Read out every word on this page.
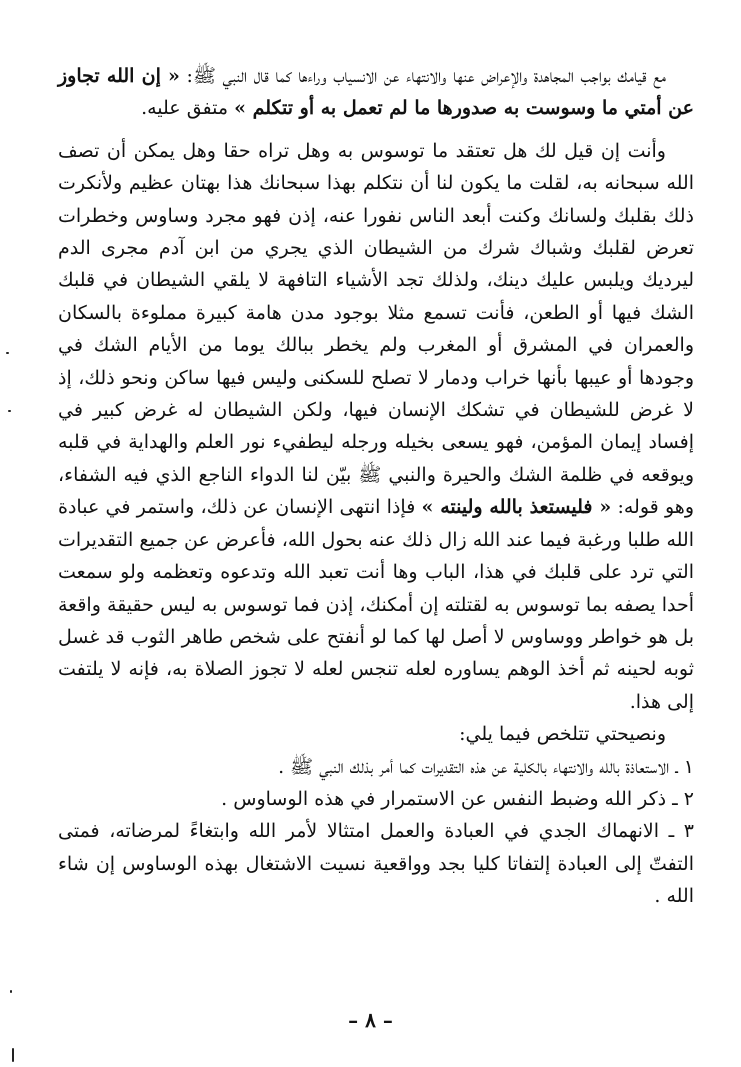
مع قيامك بواجب المجاهدة والإعراض عنها والانتهاء عن الانسياب وراءها كما قال النبي ﷺ: « إن الله تجاوز عن أمتي ما وسوست به صدورها ما لم تعمل به أو تتكلم » متفق عليه.

وأنت إن قيل لك هل تعتقد ما توسوس به وهل تراه حقا وهل يمكن أن تصف الله سبحانه به، لقلت ما يكون لنا أن نتكلم بهذا سبحانك هذا بهتان عظيم ولأنكرت ذلك بقلبك ولسانك وكنت أبعد الناس نفورا عنه، إذن فهو مجرد وساوس وخطرات تعرض لقلبك وشباك شرك من الشيطان الذي يجري من ابن آدم مجرى الدم ليرديك ويلبس عليك دينك، ولذلك تجد الأشياء التافهة لا يلقي الشيطان في قلبك الشك فيها أو الطعن، فأنت تسمع مثلا بوجود مدن هامة كبيرة مملوءة بالسكان والعمران في المشرق أو المغرب ولم يخطر ببالك يوما من الأيام الشك في وجودها أو عيبها بأنها خراب ودمار لا تصلح للسكنى وليس فيها ساكن ونحو ذلك، إذ لا غرض للشيطان في تشكك الإنسان فيها، ولكن الشيطان له غرض كبير في إفساد إيمان المؤمن، فهو يسعى بخيله ورجله ليطفيء نور العلم والهداية في قلبه ويوقعه في ظلمة الشك والحيرة والنبي ﷺ بيّن لنا الدواء الناجع الذي فيه الشفاء، وهو قوله: « فليستعذ بالله ولينته » فإذا انتهى الإنسان عن ذلك، واستمر في عبادة الله طلبا ورغبة فيما عند الله زال ذلك عنه بحول الله، فأعرض عن جميع التقديرات التي ترد على قلبك في هذا، الباب وها أنت تعبد الله وتدعوه وتعظمه ولو سمعت أحدا يصفه بما توسوس به لقتلته إن أمكنك، إذن فما توسوس به ليس حقيقة واقعة بل هو خواطر ووساوس لا أصل لها كما لو أنفتح على شخص طاهر الثوب قد غسل ثوبه لحينه ثم أخذ الوهم يساوره لعله تنجس لعله لا تجوز الصلاة به، فإنه لا يلتفت إلى هذا.

ونصيحتي تتلخص فيما يلي:

١ ـ الاستعاذة بالله والانتهاء بالكلية عن هذه التقديرات كما أمر بذلك النبي ﷺ .

٢ ـ ذكر الله وضبط النفس عن الاستمرار في هذه الوساوس .

٣ ـ الانهماك الجدي في العبادة والعمل امتثالا لأمر الله وابتغاءً لمرضاته، فمتى التفتّ إلى العبادة إلتفاتا كليا بجد وواقعية نسيت الاشتغال بهذه الوساوس إن شاء الله .

– ٨ –
